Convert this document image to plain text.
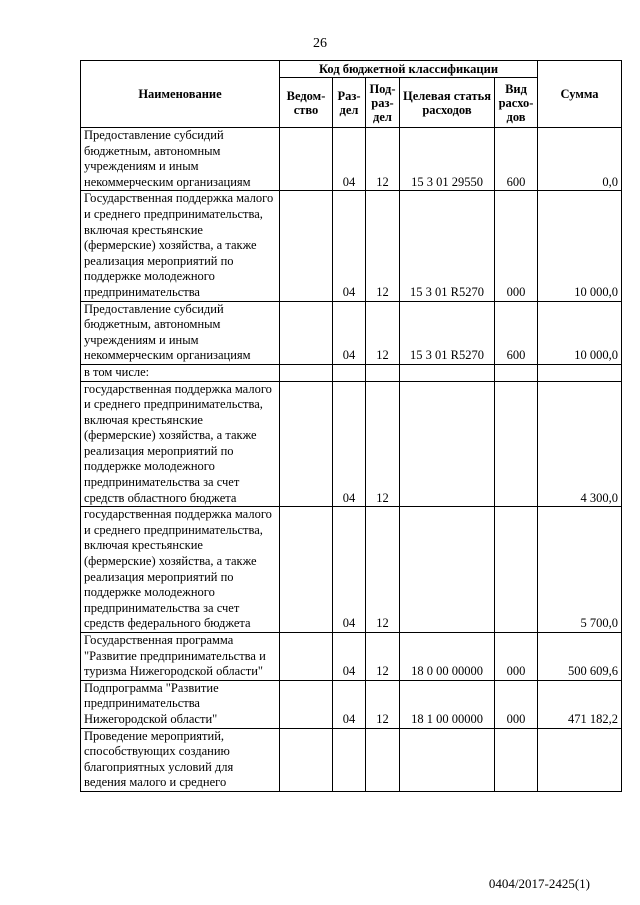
26
Наименование	Код бюджетной классификации					Сумма
	Ведом- ство	Раз- дел	Под- раз- дел	Целевая статья расходов	Вид расхо- дов	
Предоставление субсидий бюджетным, автономным учреждениям и иным некоммерческим организациям		04	12	15 3 01 29550	600	0,0
Государственная поддержка малого и среднего предпринимательства, включая крестьянские (фермерские) хозяйства, а также реализация мероприятий по поддержке молодежного предпринимательства		04	12	15 3 01 R5270	000	10 000,0
Предоставление субсидий бюджетным, автономным учреждениям и иным некоммерческим организациям		04	12	15 3 01 R5270	600	10 000,0
в том числе:						
государственная поддержка малого и среднего предпринимательства, включая крестьянские (фермерские) хозяйства, а также реализация мероприятий по поддержке молодежного предпринимательства за счет средств областного бюджета		04	12			4 300,0
государственная поддержка малого и среднего предпринимательства, включая крестьянские (фермерские) хозяйства, а также реализация мероприятий по поддержке молодежного предпринимательства за счет средств федерального бюджета		04	12			5 700,0
Государственная программа "Развитие предпринимательства и туризма Нижегородской области"		04	12	18 0 00 00000	000	500 609,6
Подпрограмма "Развитие предпринимательства Нижегородской области"		04	12	18 1 00 00000	000	471 182,2
Проведение мероприятий, способствующих созданию благоприятных условий для ведения малого и среднего						
0404/2017-2425(1)
